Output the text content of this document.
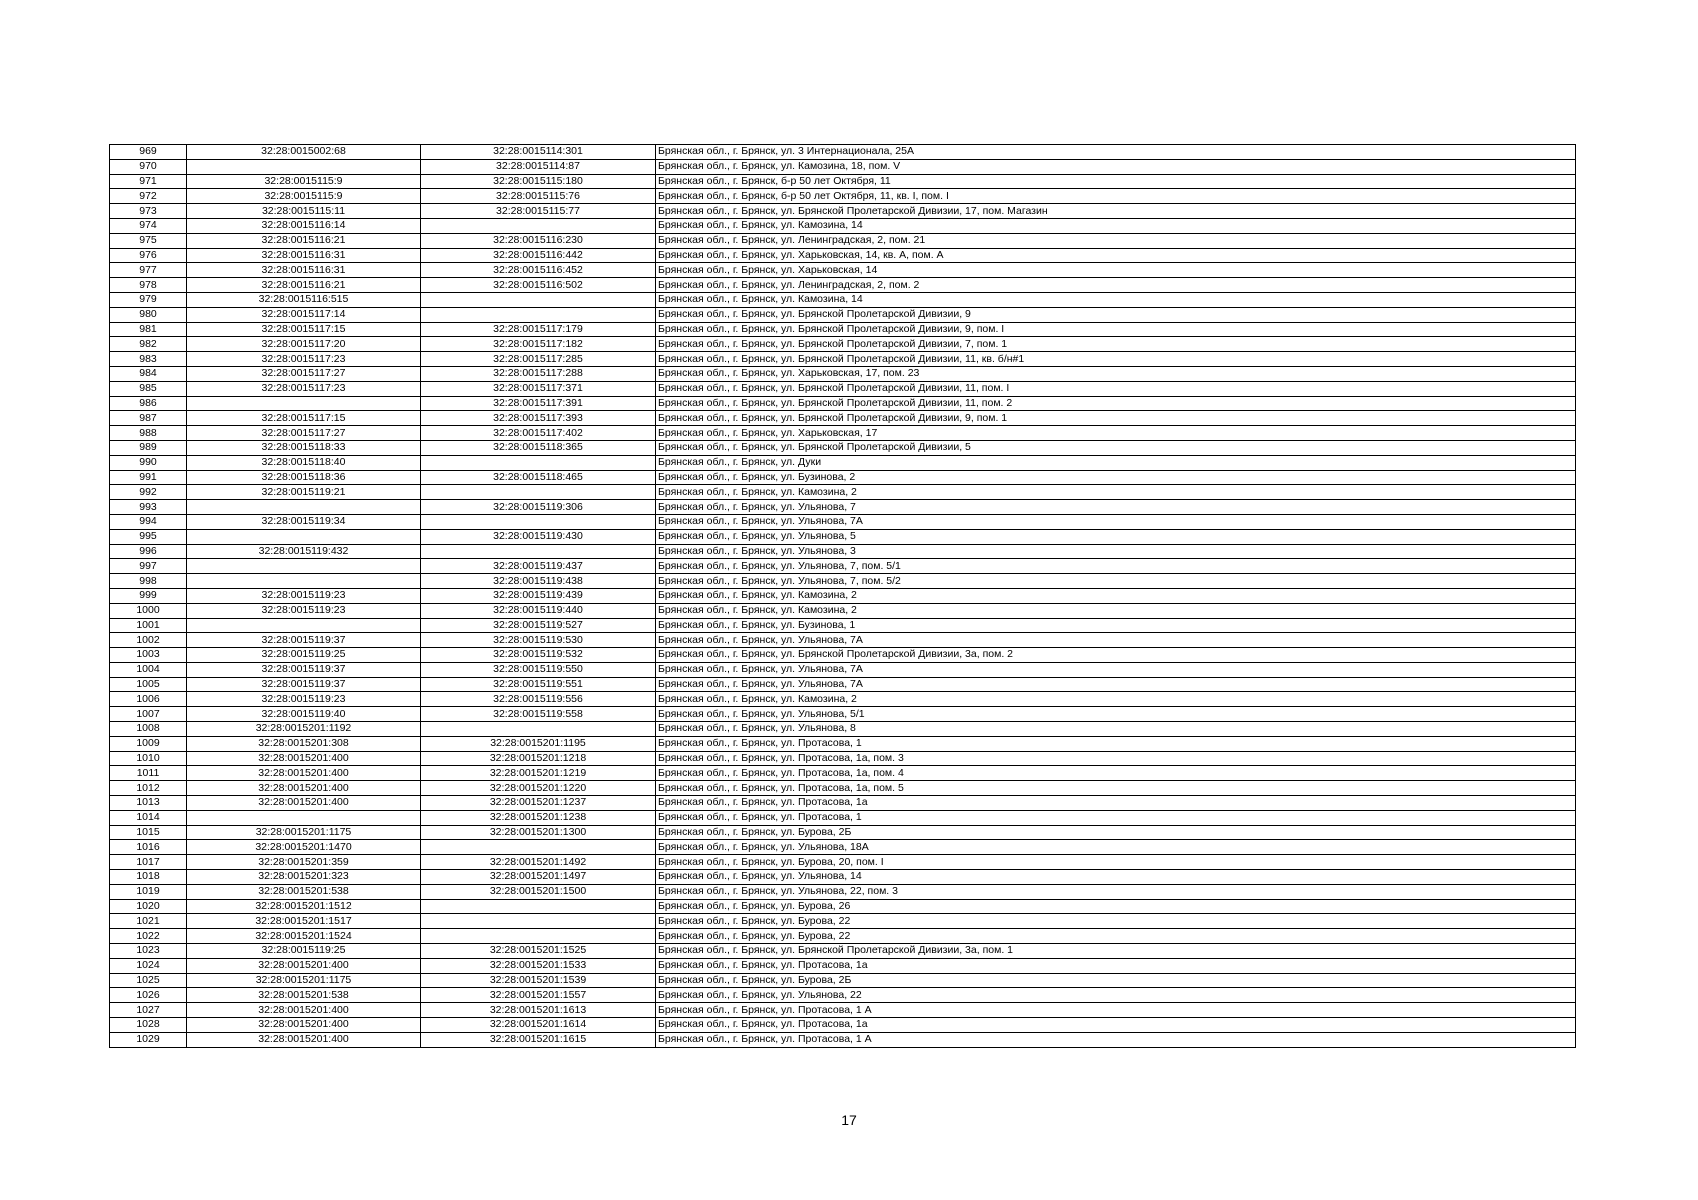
969	32:28:0015002:68	32:28:0015114:301	Брянская обл., г. Брянск, ул. 3 Интернационала, 25А
970		32:28:0015114:87	Брянская обл., г. Брянск, ул. Камозина, 18, пом. V
971	32:28:0015115:9	32:28:0015115:180	Брянская обл., г. Брянск, б-р 50 лет Октября, 11
972	32:28:0015115:9	32:28:0015115:76	Брянская обл., г. Брянск, б-р 50 лет Октября, 11, кв. I, пом. I
973	32:28:0015115:11	32:28:0015115:77	Брянская обл., г. Брянск, ул. Брянской Пролетарской Дивизии, 17, пом. Магазин
974	32:28:0015116:14		Брянская обл., г. Брянск, ул. Камозина, 14
975	32:28:0015116:21	32:28:0015116:230	Брянская обл., г. Брянск, ул. Ленинградская, 2, пом. 21
976	32:28:0015116:31	32:28:0015116:442	Брянская обл., г. Брянск, ул. Харьковская, 14, кв. А, пом. А
977	32:28:0015116:31	32:28:0015116:452	Брянская обл., г. Брянск, ул. Харьковская, 14
978	32:28:0015116:21	32:28:0015116:502	Брянская обл., г. Брянск, ул. Ленинградская, 2, пом. 2
979	32:28:0015116:515		Брянская обл., г. Брянск, ул. Камозина, 14
980	32:28:0015117:14		Брянская обл., г. Брянск, ул. Брянской Пролетарской Дивизии, 9
981	32:28:0015117:15	32:28:0015117:179	Брянская обл., г. Брянск, ул. Брянской Пролетарской Дивизии, 9, пом. I
982	32:28:0015117:20	32:28:0015117:182	Брянская обл., г. Брянск, ул. Брянской Пролетарской Дивизии, 7, пом. 1
983	32:28:0015117:23	32:28:0015117:285	Брянская обл., г. Брянск, ул. Брянской Пролетарской Дивизии, 11, кв. б/н#1
984	32:28:0015117:27	32:28:0015117:288	Брянская обл., г. Брянск, ул. Харьковская, 17, пом. 23
985	32:28:0015117:23	32:28:0015117:371	Брянская обл., г. Брянск, ул. Брянской Пролетарской Дивизии, 11, пом. I
986		32:28:0015117:391	Брянская обл., г. Брянск, ул. Брянской Пролетарской Дивизии, 11, пом. 2
987	32:28:0015117:15	32:28:0015117:393	Брянская обл., г. Брянск, ул. Брянской Пролетарской Дивизии, 9, пом. 1
988	32:28:0015117:27	32:28:0015117:402	Брянская обл., г. Брянск, ул. Харьковская, 17
989	32:28:0015118:33	32:28:0015118:365	Брянская обл., г. Брянск, ул. Брянской Пролетарской Дивизии, 5
990	32:28:0015118:40		Брянская обл., г. Брянск, ул. Дуки
991	32:28:0015118:36	32:28:0015118:465	Брянская обл., г. Брянск, ул. Бузинова, 2
992	32:28:0015119:21		Брянская обл., г. Брянск, ул. Камозина, 2
993		32:28:0015119:306	Брянская обл., г. Брянск, ул. Ульянова, 7
994	32:28:0015119:34		Брянская обл., г. Брянск, ул. Ульянова, 7А
995		32:28:0015119:430	Брянская обл., г. Брянск, ул. Ульянова, 5
996	32:28:0015119:432		Брянская обл., г. Брянск, ул. Ульянова, 3
997		32:28:0015119:437	Брянская обл., г. Брянск, ул. Ульянова, 7, пом. 5/1
998		32:28:0015119:438	Брянская обл., г. Брянск, ул. Ульянова, 7, пом. 5/2
999	32:28:0015119:23	32:28:0015119:439	Брянская обл., г. Брянск, ул. Камозина, 2
1000	32:28:0015119:23	32:28:0015119:440	Брянская обл., г. Брянск, ул. Камозина, 2
1001		32:28:0015119:527	Брянская обл., г. Брянск, ул. Бузинова, 1
1002	32:28:0015119:37	32:28:0015119:530	Брянская обл., г. Брянск, ул. Ульянова, 7А
1003	32:28:0015119:25	32:28:0015119:532	Брянская обл., г. Брянск, ул. Брянской Пролетарской Дивизии, 3а, пом. 2
1004	32:28:0015119:37	32:28:0015119:550	Брянская обл., г. Брянск, ул. Ульянова, 7А
1005	32:28:0015119:37	32:28:0015119:551	Брянская обл., г. Брянск, ул. Ульянова, 7А
1006	32:28:0015119:23	32:28:0015119:556	Брянская обл., г. Брянск, ул. Камозина, 2
1007	32:28:0015119:40	32:28:0015119:558	Брянская обл., г. Брянск, ул. Ульянова, 5/1
1008	32:28:0015201:1192		Брянская обл., г. Брянск, ул. Ульянова, 8
1009	32:28:0015201:308	32:28:0015201:1195	Брянская обл., г. Брянск, ул. Протасова, 1
1010	32:28:0015201:400	32:28:0015201:1218	Брянская обл., г. Брянск, ул. Протасова, 1а, пом. 3
1011	32:28:0015201:400	32:28:0015201:1219	Брянская обл., г. Брянск, ул. Протасова, 1а, пом. 4
1012	32:28:0015201:400	32:28:0015201:1220	Брянская обл., г. Брянск, ул. Протасова, 1а, пом. 5
1013	32:28:0015201:400	32:28:0015201:1237	Брянская обл., г. Брянск, ул. Протасова, 1а
1014		32:28:0015201:1238	Брянская обл., г. Брянск, ул. Протасова, 1
1015	32:28:0015201:1175	32:28:0015201:1300	Брянская обл., г. Брянск, ул. Бурова, 2Б
1016	32:28:0015201:1470		Брянская обл., г. Брянск, ул. Ульянова, 18А
1017	32:28:0015201:359	32:28:0015201:1492	Брянская обл., г. Брянск, ул. Бурова, 20, пом. I
1018	32:28:0015201:323	32:28:0015201:1497	Брянская обл., г. Брянск, ул. Ульянова, 14
1019	32:28:0015201:538	32:28:0015201:1500	Брянская обл., г. Брянск, ул. Ульянова, 22, пом. 3
1020	32:28:0015201:1512		Брянская обл., г. Брянск, ул. Бурова, 26
1021	32:28:0015201:1517		Брянская обл., г. Брянск, ул. Бурова, 22
1022	32:28:0015201:1524		Брянская обл., г. Брянск, ул. Бурова, 22
1023	32:28:0015119:25	32:28:0015201:1525	Брянская обл., г. Брянск, ул. Брянской Пролетарской Дивизии, 3а, пом. 1
1024	32:28:0015201:400	32:28:0015201:1533	Брянская обл., г. Брянск, ул. Протасова, 1а
1025	32:28:0015201:1175	32:28:0015201:1539	Брянская обл., г. Брянск, ул. Бурова, 2Б
1026	32:28:0015201:538	32:28:0015201:1557	Брянская обл., г. Брянск, ул. Ульянова, 22
1027	32:28:0015201:400	32:28:0015201:1613	Брянская обл., г. Брянск, ул. Протасова, 1 А
1028	32:28:0015201:400	32:28:0015201:1614	Брянская обл., г. Брянск, ул. Протасова, 1а
1029	32:28:0015201:400	32:28:0015201:1615	Брянская обл., г. Брянск, ул. Протасова, 1 А
17
